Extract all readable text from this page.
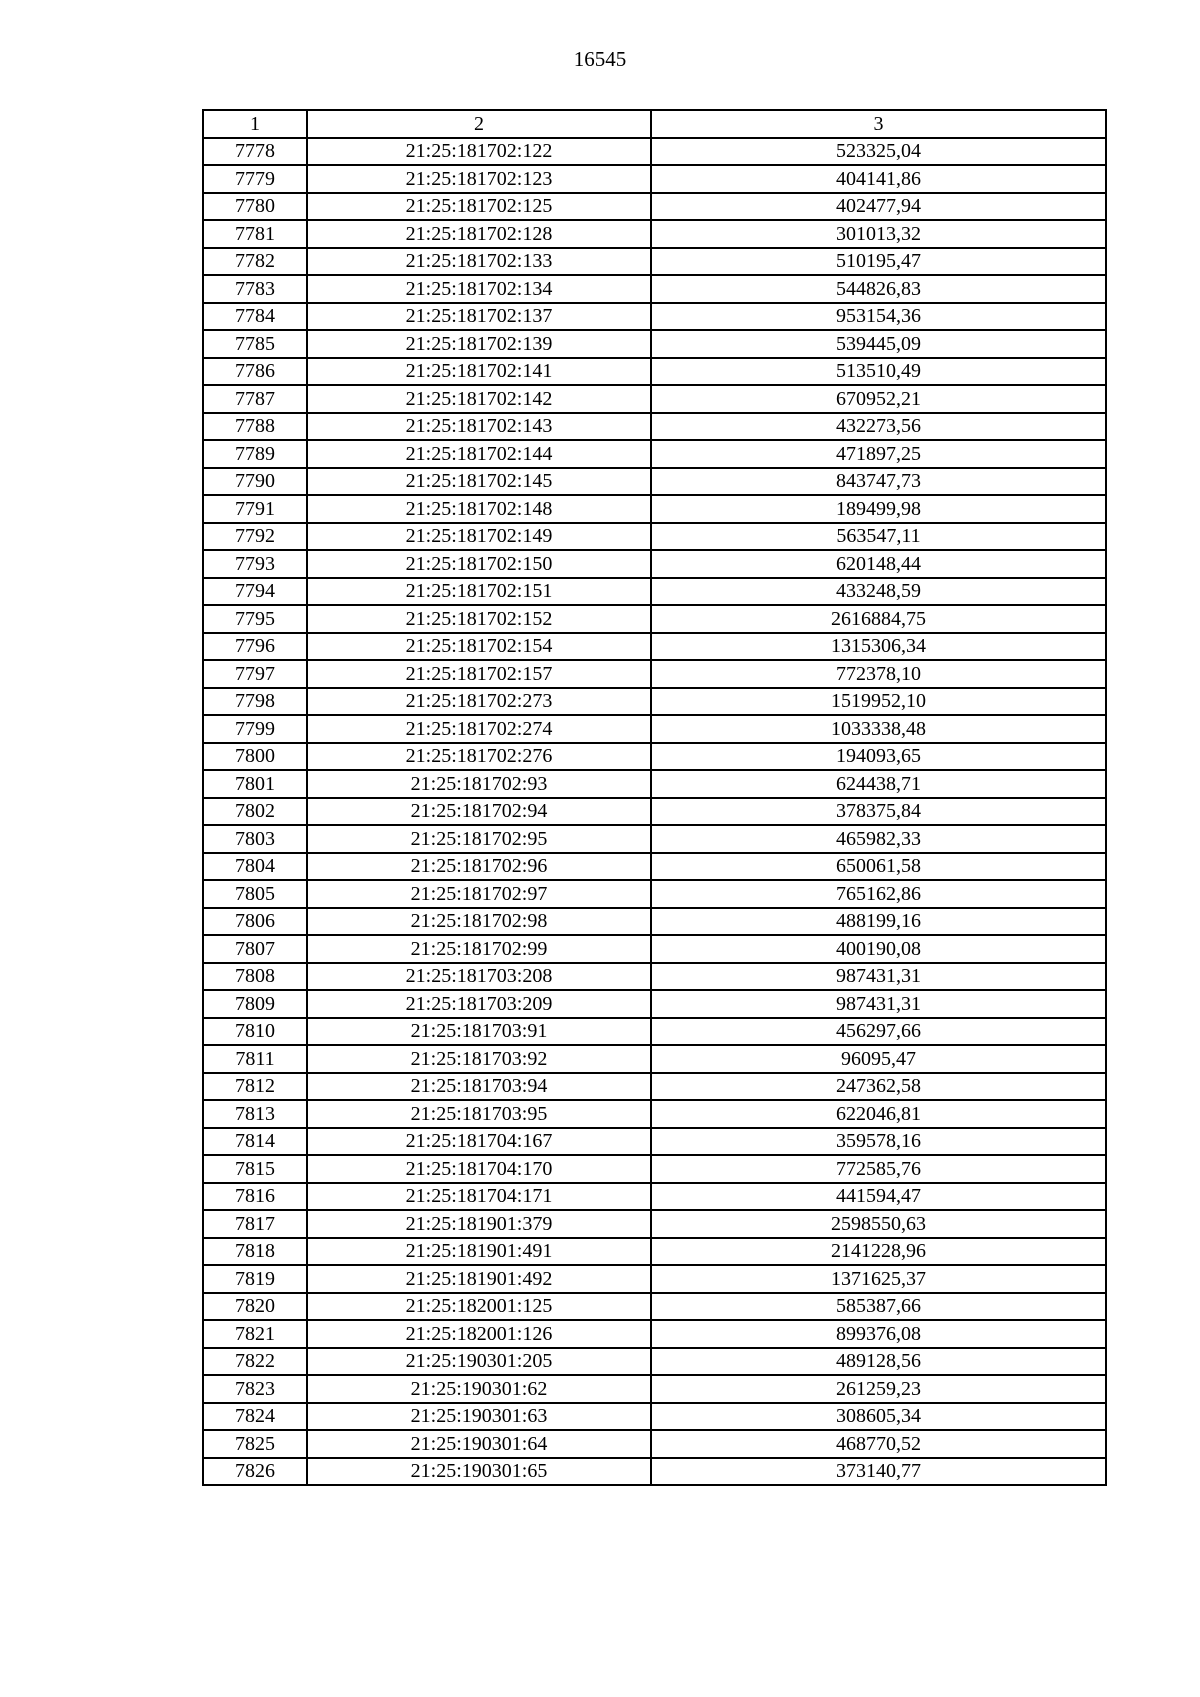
16545
1	2	3
7778	21:25:181702:122	523325,04
7779	21:25:181702:123	404141,86
7780	21:25:181702:125	402477,94
7781	21:25:181702:128	301013,32
7782	21:25:181702:133	510195,47
7783	21:25:181702:134	544826,83
7784	21:25:181702:137	953154,36
7785	21:25:181702:139	539445,09
7786	21:25:181702:141	513510,49
7787	21:25:181702:142	670952,21
7788	21:25:181702:143	432273,56
7789	21:25:181702:144	471897,25
7790	21:25:181702:145	843747,73
7791	21:25:181702:148	189499,98
7792	21:25:181702:149	563547,11
7793	21:25:181702:150	620148,44
7794	21:25:181702:151	433248,59
7795	21:25:181702:152	2616884,75
7796	21:25:181702:154	1315306,34
7797	21:25:181702:157	772378,10
7798	21:25:181702:273	1519952,10
7799	21:25:181702:274	1033338,48
7800	21:25:181702:276	194093,65
7801	21:25:181702:93	624438,71
7802	21:25:181702:94	378375,84
7803	21:25:181702:95	465982,33
7804	21:25:181702:96	650061,58
7805	21:25:181702:97	765162,86
7806	21:25:181702:98	488199,16
7807	21:25:181702:99	400190,08
7808	21:25:181703:208	987431,31
7809	21:25:181703:209	987431,31
7810	21:25:181703:91	456297,66
7811	21:25:181703:92	96095,47
7812	21:25:181703:94	247362,58
7813	21:25:181703:95	622046,81
7814	21:25:181704:167	359578,16
7815	21:25:181704:170	772585,76
7816	21:25:181704:171	441594,47
7817	21:25:181901:379	2598550,63
7818	21:25:181901:491	2141228,96
7819	21:25:181901:492	1371625,37
7820	21:25:182001:125	585387,66
7821	21:25:182001:126	899376,08
7822	21:25:190301:205	489128,56
7823	21:25:190301:62	261259,23
7824	21:25:190301:63	308605,34
7825	21:25:190301:64	468770,52
7826	21:25:190301:65	373140,77
